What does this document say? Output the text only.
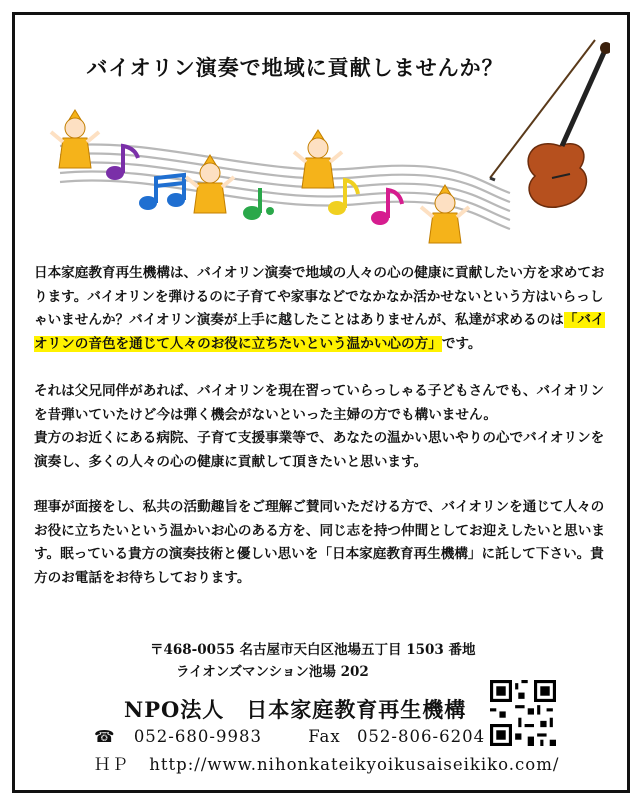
バイオリン演奏で地域に貢献しませんか？

日本家庭教育再生機構は、バイオリン演奏で地域の人々の心の健康に貢献したい方を求めております。バイオリンを弾けるのに子育てや家事などでなかなか活かせないという方はいらっしゃいませんか？バイオリン演奏が上手に越したことはありませんが、私達が求めるのは「バイオリンの音色を通じて人々のお役に立ちたいという温かい心の方」です。

それは父兄同伴があれば、バイオリンを現在習っていらっしゃる子どもさんでも、バイオリンを昔弾いていたけど今は弾く機会がないといった主婦の方でも構いません。
貴方のお近くにある病院、子育て支援事業等で、あなたの温かい思いやりの心でバイオリンを演奏し、多くの人々の心の健康に貢献して頂きたいと思います。

理事が面接をし、私共の活動趣旨をご理解ご賛同いただける方で、バイオリンを通じて人々のお役に立ちたいという温かいお心のある方を、同じ志を持つ仲間としてお迎えしたいと思います。眠っている貴方の演奏技術と優しい思いを「日本家庭教育再生機構」に託して下さい。貴方のお電話をお待ちしております。

〒468-0055 名古屋市天白区池場五丁目 1503 番地
ライオンズマンション池場 202
NPO法人　日本家庭教育再生機構
☎ 052-680-9983	Fax 052-806-6204
ＨＰ http://www.nihonkateikyoikusaiseikiko.com/
